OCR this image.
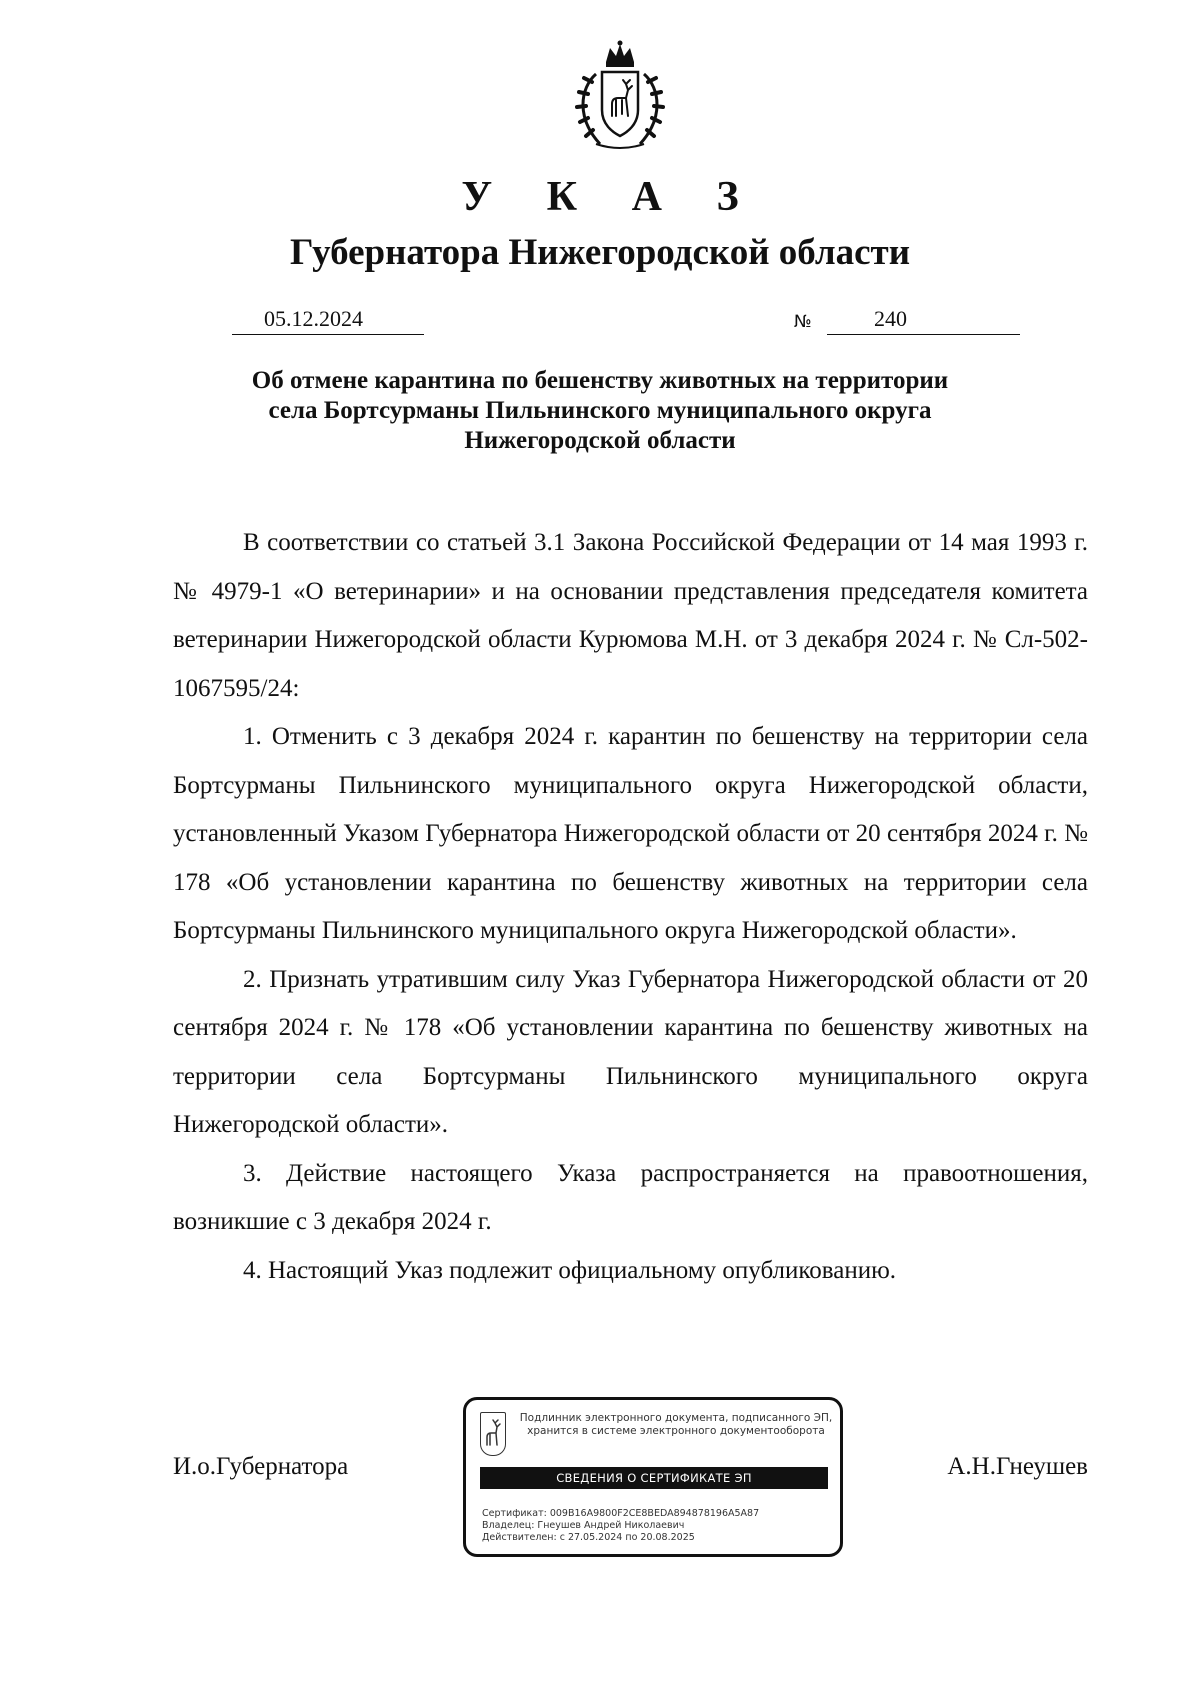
У К А З
Губернатора Нижегородской области
05.12.2024	№	240
Об отмене карантина по бешенству животных на территории
села Бортсурманы Пильнинского муниципального округа
Нижегородской области

В соответствии со статьей 3.1 Закона Российской Федерации от 14 мая 1993 г. № 4979-1 «О ветеринарии» и на основании представления председателя комитета ветеринарии Нижегородской области Курюмова М.Н. от 3 декабря 2024 г. № Сл-502-1067595/24:

1. Отменить с 3 декабря 2024 г. карантин по бешенству на территории села Бортсурманы Пильнинского муниципального округа Нижегородской области, установленный Указом Губернатора Нижегородской области от 20 сентября 2024 г. № 178 «Об установлении карантина по бешенству животных на территории села Бортсурманы Пильнинского муниципального округа Нижегородской области».

2. Признать утратившим силу Указ Губернатора Нижегородской области от 20 сентября 2024 г. № 178 «Об установлении карантина по бешенству животных на территории села Бортсурманы Пильнинского муниципального округа Нижегородской области».

3. Действие настоящего Указа распространяется на правоотношения, возникшие с 3 декабря 2024 г.

4. Настоящий Указ подлежит официальному опубликованию.

И.о.Губернатора
Подлинник электронного документа, подписанного ЭП,
хранится в системе электронного документооборота
СВЕДЕНИЯ О СЕРТИФИКАТЕ ЭП
Сертификат: 009B16A9800F2CE8BEDA894878196A5A87
Владелец: Гнеушев Андрей Николаевич
Действителен: с 27.05.2024 по 20.08.2025
А.Н.Гнеушев
